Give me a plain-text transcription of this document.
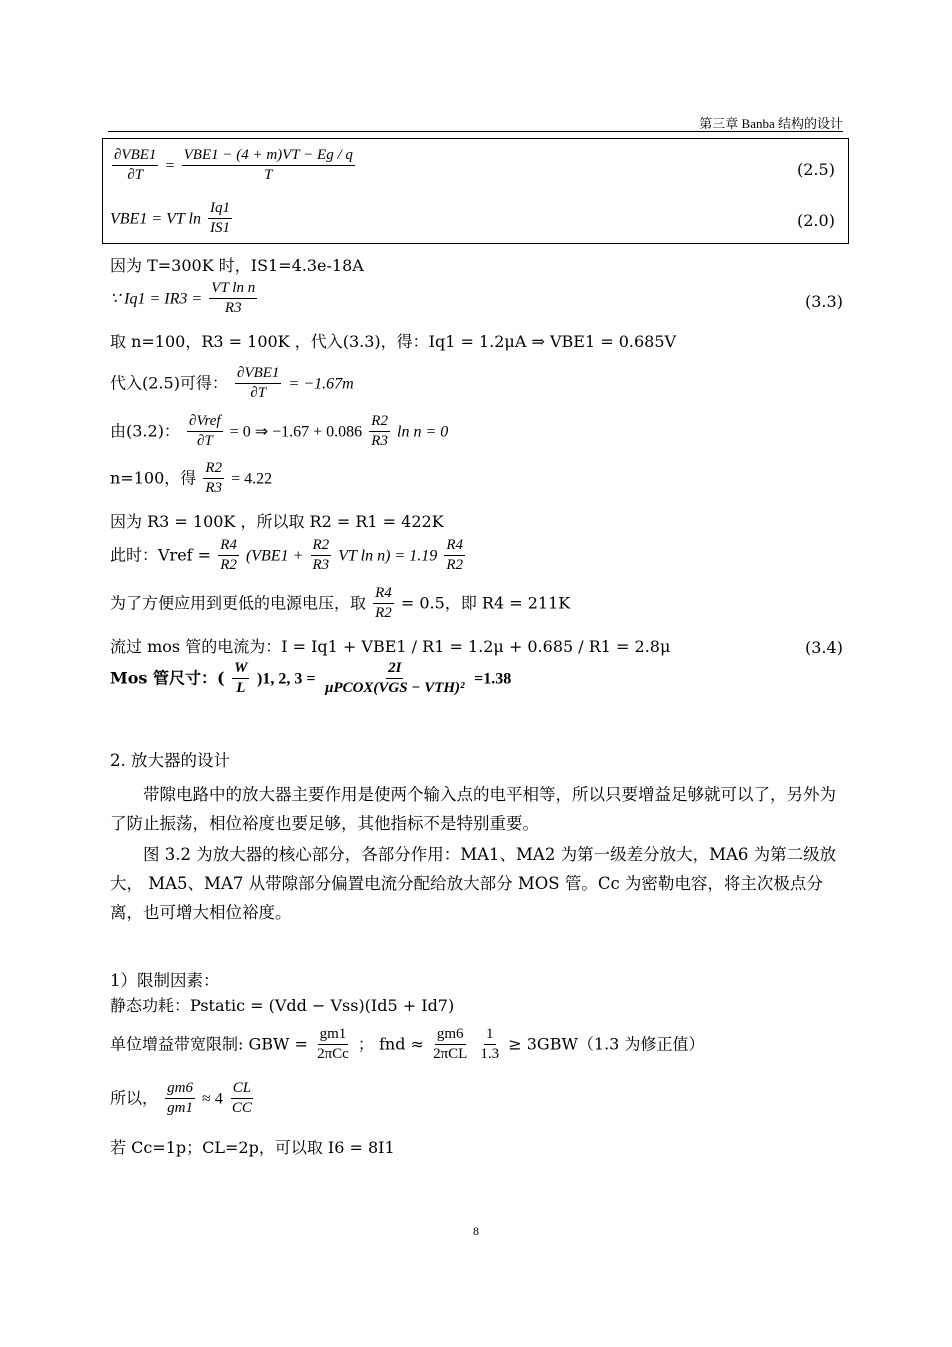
第三章 Banba 结构的设计
$\frac{\text{∂VBE1}}{\partial T} = \frac{\text{VBE1 − (4 + m)VT − Eg / q}}{T}$	(2.5)
VBE1 = VT $\ln \frac{Iq1}{IS1}$	(2.0)
因为 T=300K 时，IS1=4.3e-18A
∵ $Iq1 = IR3 = \frac{\text{VT ln n}}{R3}$	(3.3)
取 n=100，R3 = 100K ，代入(3.3)，得：Iq1 = 1.2μA ⇒ VBE1 = 0.685V
代入(2.5)可得： $\frac{\text{∂VBE1}}{\partial T} = -1.67m$
由(3.2)： $\frac{\text{∂Vref}}{\partial T} = 0$ ⇒ $-1.67 + 0.086 \frac{R2}{R3}$ ln n = 0
n=100，得 $\frac{R2}{R3} = 4.22$
因为 R3 = 100K ，所以取 R2 = R1 = 422K
此时：Vref = $\frac{R4}{R2} (VBE1 + \frac{R2}{R3}$ VT $\ln n) = 1.19 \frac{R4}{R2}$
为了方便应用到更低的电源电压，取 $\frac{R4}{R2} = 0.5$，即 R4 = 211K
流过 mos 管的电流为：I = Iq1 + VBE1 / R1 = 1.2μ + 0.685 / R1 = 2.8μ	(3.4)
Mos 管尺寸：( $\frac{W}{L} )1$, 2, $3 = \frac{2I}{\text{μPCOX(VGS − VTH)²}} =1.38$
2. 放大器的设计
带隙电路中的放大器主要作用是使两个输入点的电平相等，所以只要增益足够就可以了，另外为了防止振荡，相位裕度也要足够，其他指标不是特别重要。
图 3.2 为放大器的核心部分，各部分作用：MA1、MA2 为第一级差分放大，MA6 为第二级放大， MA5、MA7 从带隙部分偏置电流分配给放大部分 MOS 管。Cc 为密勒电容，将主次极点分离，也可增大相位裕度。
1）限制因素：
静态功耗：Pstatic = (Vdd − Vss)(Id5 + Id7)
单位增益带宽限制: GBW = $\frac{gm1}{\text{2πCc}}$ ； fnd ≈ $\frac{gm6}{\text{2πCL}}$
$\frac{1}{1.3} \ge 3GBW(1.3$ 为修正值）
所以， $\frac{gm6}{gm1} \approx 4 \frac{CL}{CC}$
若 Cc=1p；CL=2p，可以取 I6 = 8I1
8
